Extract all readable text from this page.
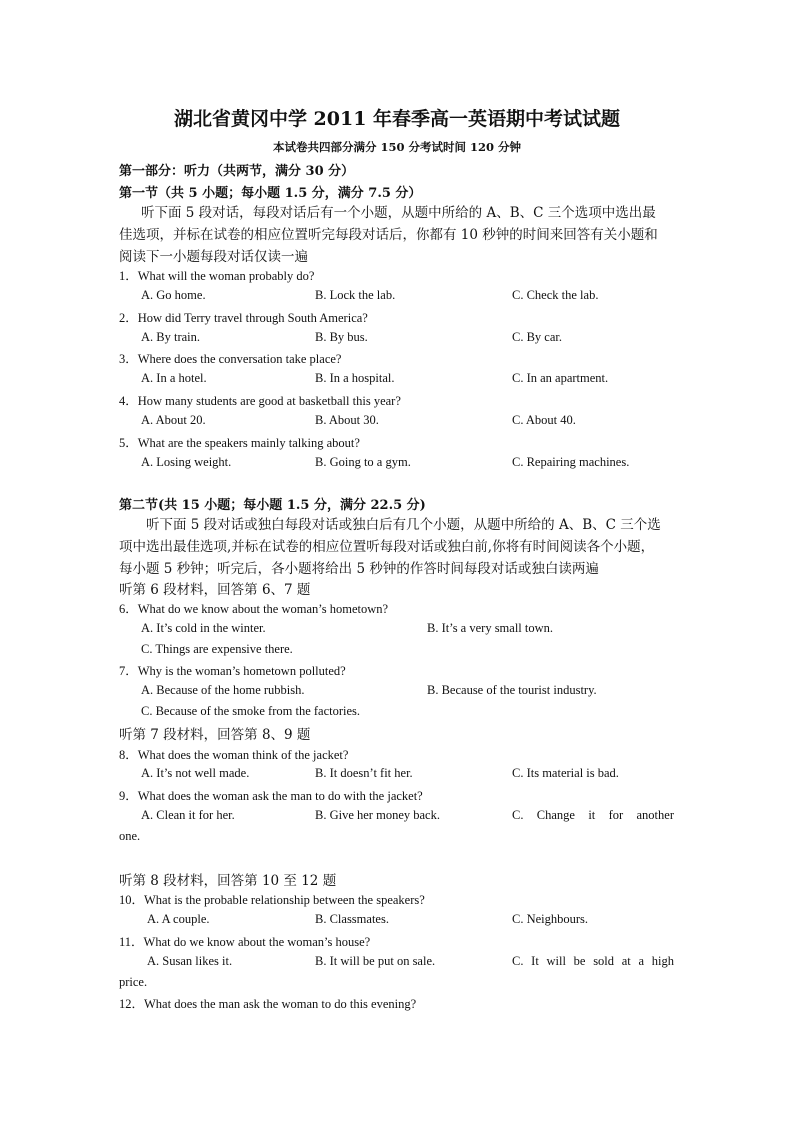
湖北省黄冈中学 2011 年春季高一英语期中考试试题
本试卷共四部分满分 150 分考试时间 120 分钟
第一部分：听力（共两节，满分 30 分）
第一节（共 5 小题；每小题 1.5 分，满分 7.5 分）

听下面 5 段对话，每段对话后有一个小题，从题中所给的 A、B、C 三个选项中选出最

佳选项，并标在试卷的相应位置听完每段对话后，你都有 10 秒钟的时间来回答有关小题和

阅读下一小题每段对话仅读一遍

1．What will the woman probably do?
A. Go home.	B. Lock the lab.	C. Check the lab.
2．How did Terry travel through South America?
A. By train.	B. By bus.	C. By car.
3．Where does the conversation take place?
A. In a hotel.	B. In a hospital.	C. In an apartment.
4．How many students are good at basketball this year?
A. About 20.	B. About 30.	C. About 40.
5．What are the speakers mainly talking about?
A. Losing weight.	B. Going to a gym.	C. Repairing machines.
第二节(共 15 小题；每小题 1.5 分，满分 22.5 分)

听下面 5 段对话或独白每段对话或独白后有几个小题，从题中所给的 A、B、C 三个选

项中选出最佳选项,并标在试卷的相应位置听每段对话或独白前,你将有时间阅读各个小题，

每小题 5 秒钟；听完后，各小题将给出 5 秒钟的作答时间每段对话或独白读两遍

听第 6 段材料，回答第 6、7 题
6．What do we know about the woman’s hometown?
A. It’s cold in the winter.	B. It’s a very small town.
C. Things are expensive there.
7．Why is the woman’s hometown polluted?
A. Because of the home rubbish.	B. Because of the tourist industry.
C. Because of the smoke from the factories.
听第 7 段材料，回答第 8、9 题
8．What does the woman think of the jacket?
A. It’s not well made.	B. It doesn’t fit her.	C. Its material is bad.
9．What does the woman ask the man to do with the jacket?
A. Clean it for her.	B. Give her money back.	C. Change it for another
one.
听第 8 段材料，回答第 10 至 12 题
10．What is the probable relationship between the speakers?
A. A couple.	B. Classmates.	C. Neighbours.
11．What do we know about the woman’s house?
A. Susan likes it.	B. It will be put on sale.	C. It will be sold at a high
price.
12．What does the man ask the woman to do this evening?
